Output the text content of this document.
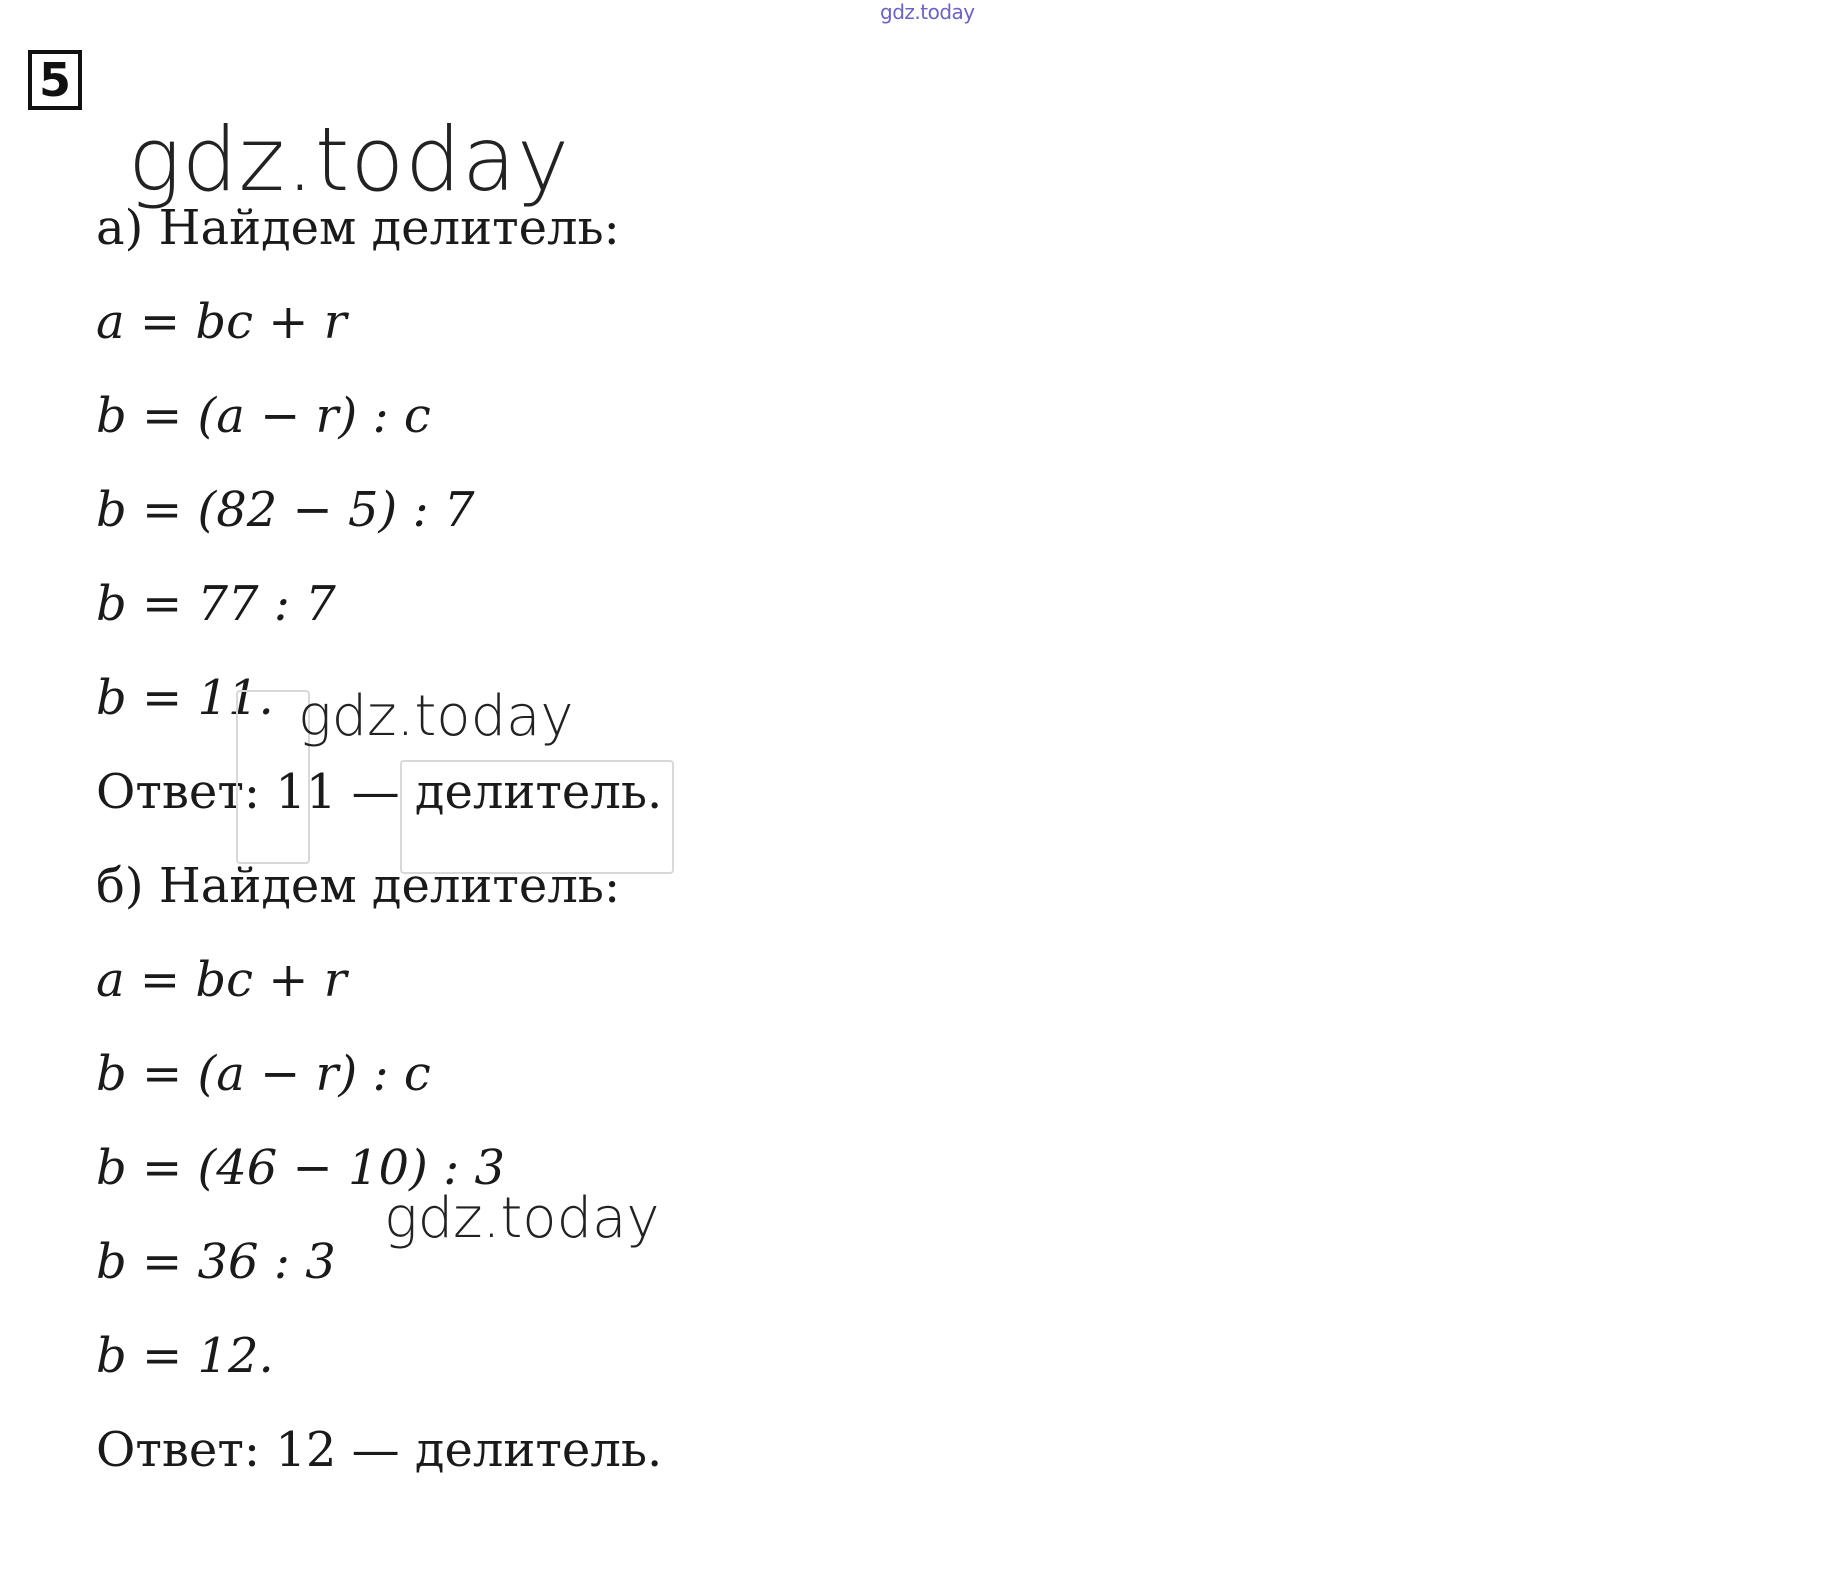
gdz.today
5
gdz.today
а) Найдем делитель:
a = bc + r
b = (a − r) : c
b = (82 − 5) : 7
b = 77 : 7
b = 11.
Ответ: 11 — делитель.
gdz.today
б) Найдем делитель:
a = bc + r
b = (a − r) : c
b = (46 − 10) : 3
b = 36 : 3
b = 12.
Ответ: 12 — делитель.
gdz.today
